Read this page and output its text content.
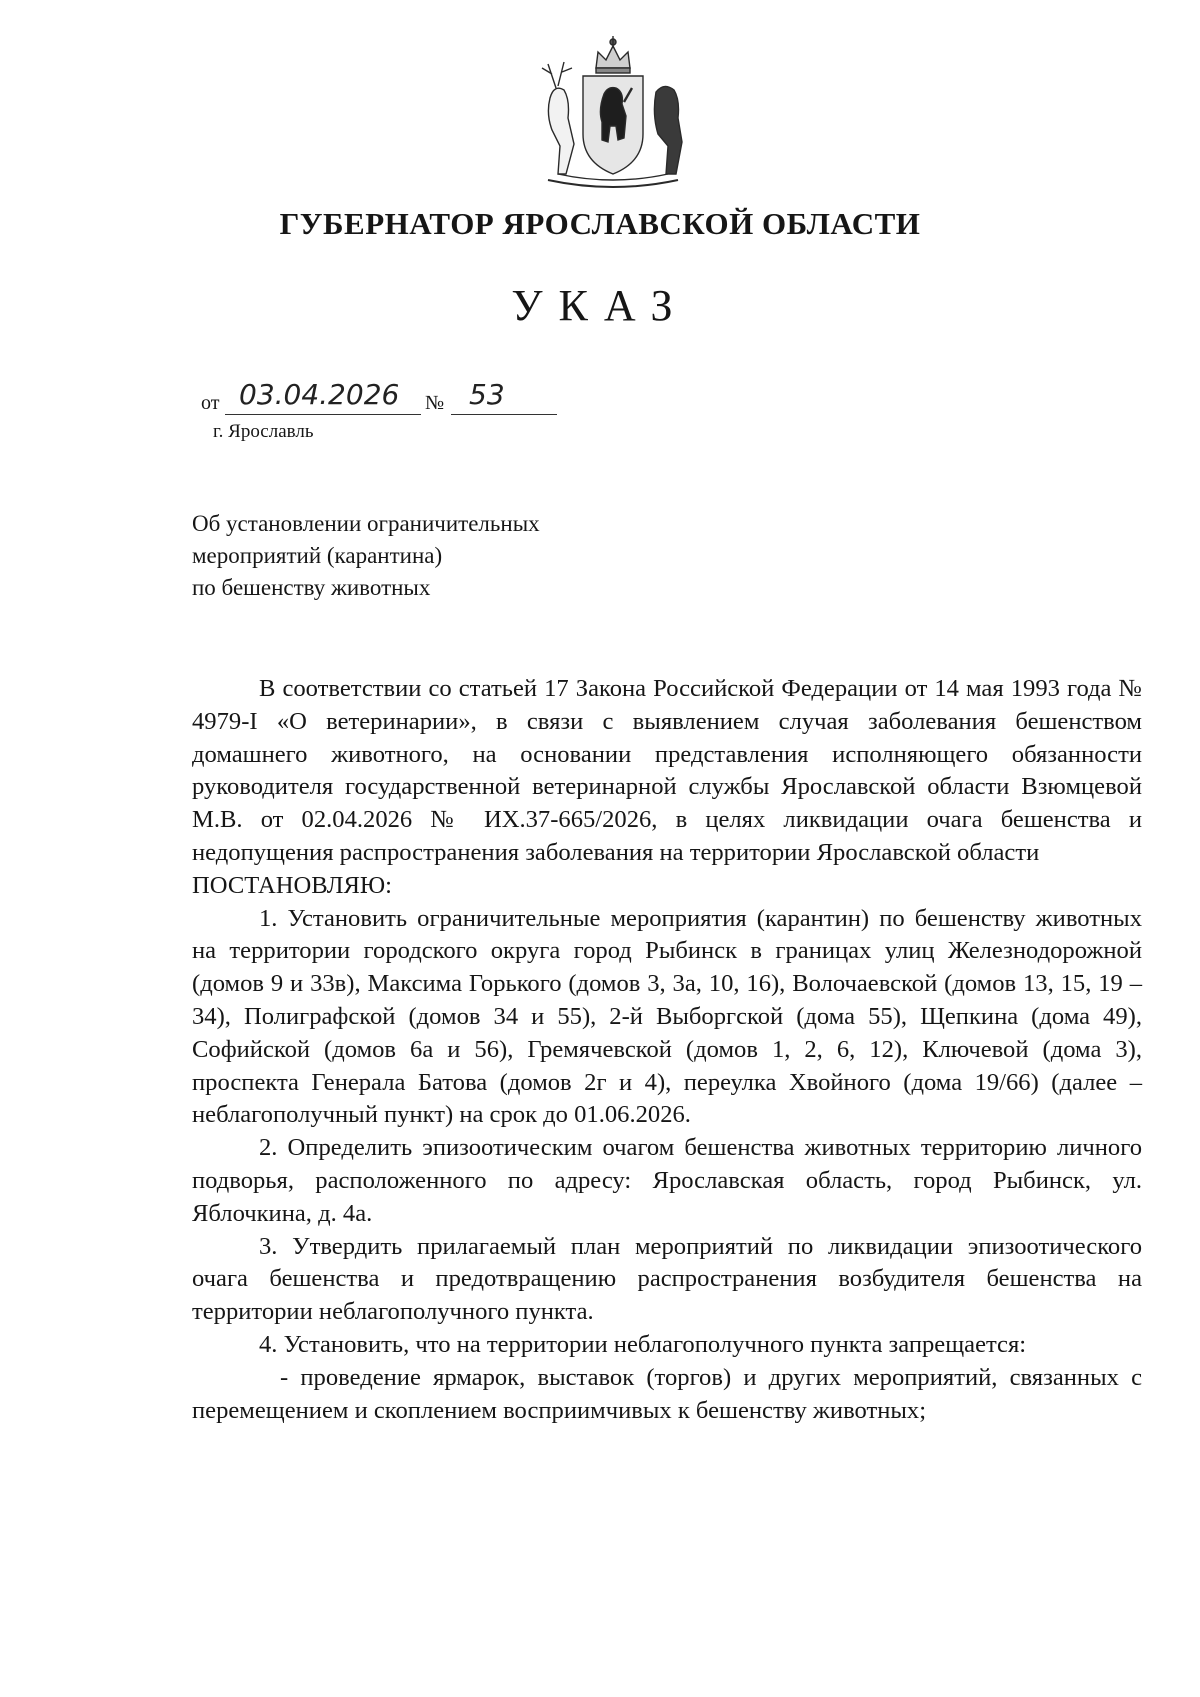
ГУБЕРНАТОР ЯРОСЛАВСКОЙ ОБЛАСТИ
УКАЗ
от 03.04.2026 № 53
г. Ярославль
Об установлении ограничительных
мероприятий (карантина)
по бешенству животных

В соответствии со статьей 17 Закона Российской Федерации от 14 мая 1993 года № 4979-I «О ветеринарии», в связи с выявлением случая заболевания бешенством домашнего животного, на основании представления исполняющего обязанности руководителя государственной ветеринарной службы Ярославской области Взюмцевой М.В. от 02.04.2026 № ИХ.37-665/2026, в целях ликвидации очага бешенства и недопущения распространения заболевания на территории Ярославской области

ПОСТАНОВЛЯЮ:

1. Установить ограничительные мероприятия (карантин) по бешенству животных на территории городского округа город Рыбинск в границах улиц Железнодорожной (домов 9 и 33в), Максима Горького (домов 3, 3а, 10, 16), Волочаевской (домов 13, 15, 19 – 34), Полиграфской (домов 34 и 55), 2-й Выборгской (дома 55), Щепкина (дома 49), Софийской (домов 6а и 56), Гремячевской (домов 1, 2, 6, 12), Ключевой (дома 3), проспекта Генерала Батова (домов 2г и 4), переулка Хвойного (дома 19/66) (далее – неблагополучный пункт) на срок до 01.06.2026.

2. Определить эпизоотическим очагом бешенства животных территорию личного подворья, расположенного по адресу: Ярославская область, город Рыбинск, ул. Яблочкина, д. 4а.

3. Утвердить прилагаемый план мероприятий по ликвидации эпизоотического очага бешенства и предотвращению распространения возбудителя бешенства на территории неблагополучного пункта.

4. Установить, что на территории неблагополучного пункта запрещается:

- проведение ярмарок, выставок (торгов) и других мероприятий, связанных с перемещением и скоплением восприимчивых к бешенству животных;
